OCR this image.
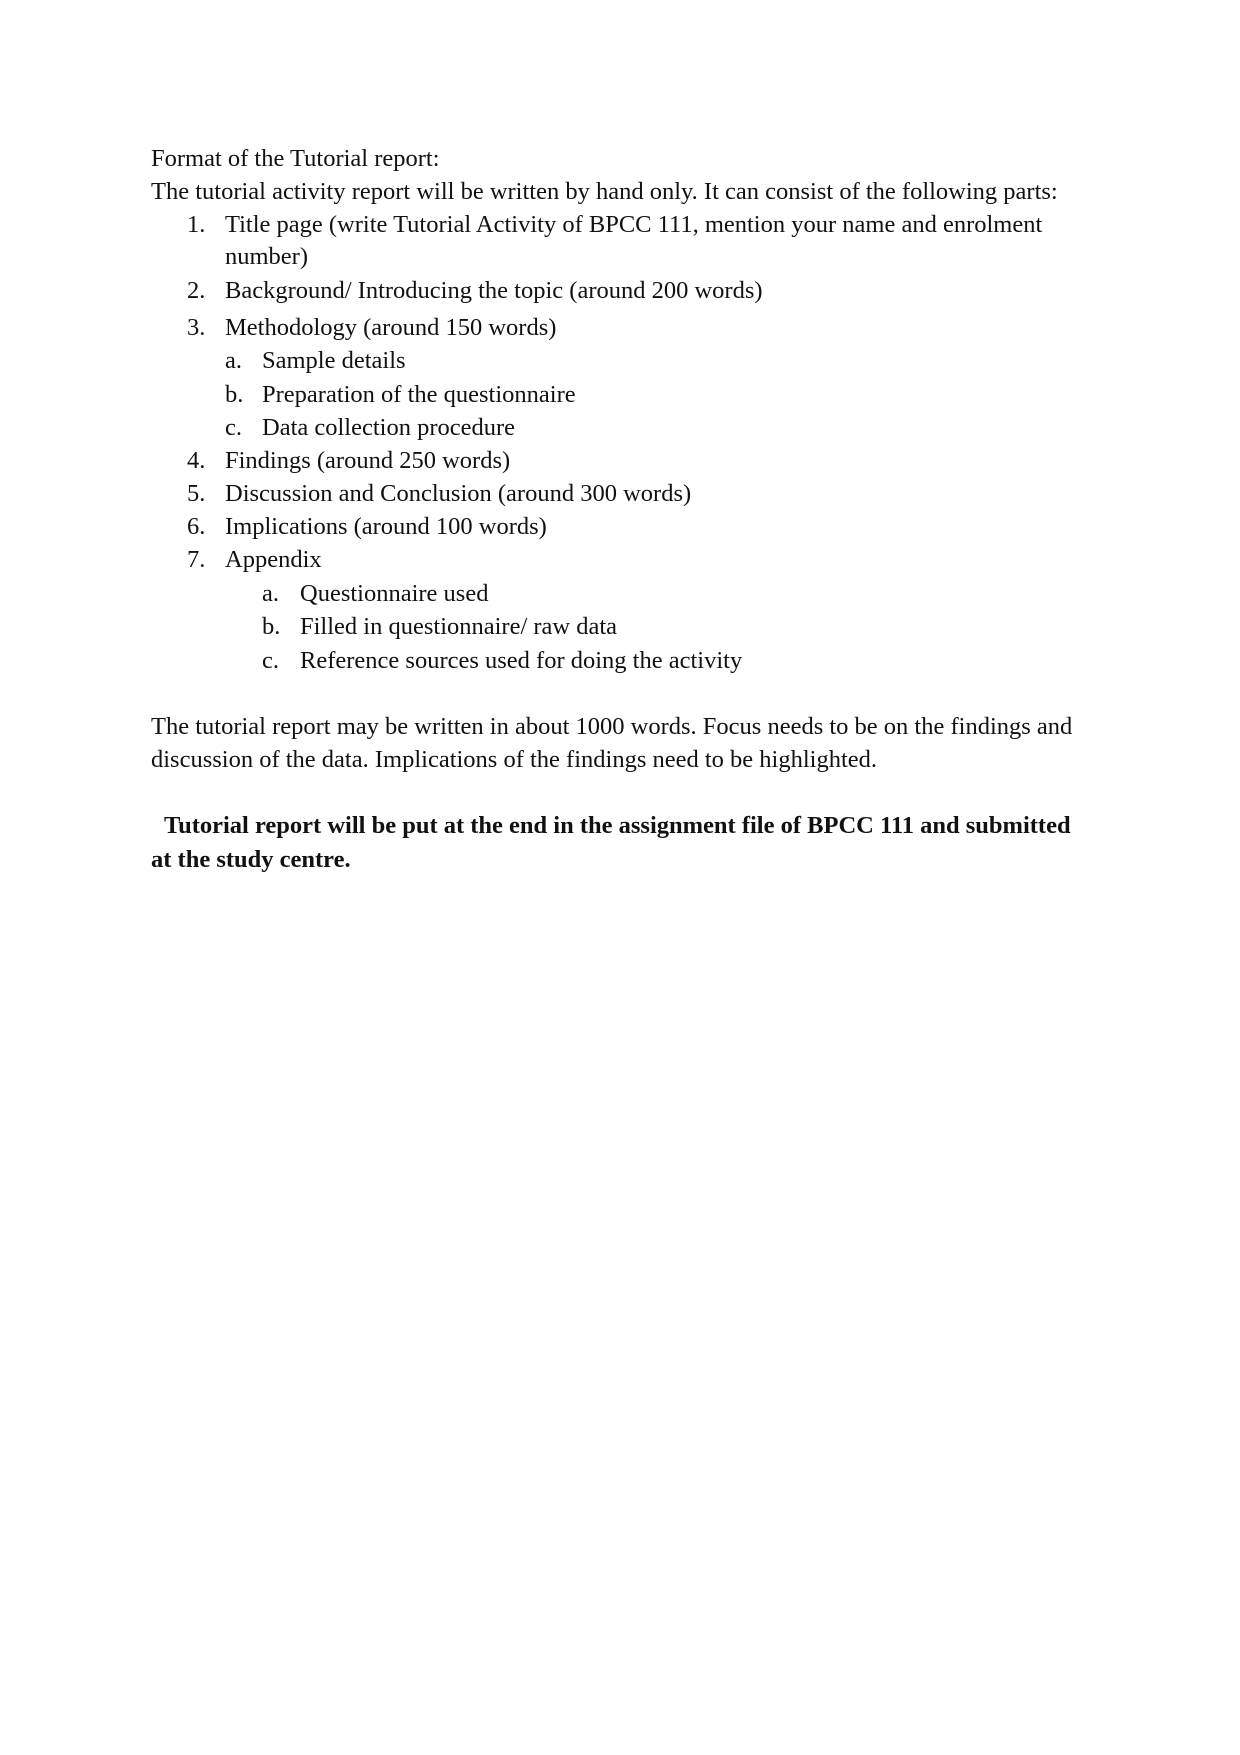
Format of the Tutorial report:
The tutorial activity report will be written by hand only. It can consist of the following parts:
1. Title page (write Tutorial Activity of BPCC 111, mention your name and enrolment
number)
2. Background/ Introducing the topic (around 200 words)
3. Methodology (around 150 words)
a. Sample details
b. Preparation of the questionnaire
c. Data collection procedure
4. Findings (around 250 words)
5. Discussion and Conclusion (around 300 words)
6. Implications (around 100 words)
7. Appendix
a. Questionnaire used
b. Filled in questionnaire/ raw data
c. Reference sources used for doing the activity
The tutorial report may be written in about 1000 words. Focus needs to be on the findings and
discussion of the data. Implications of the findings need to be highlighted.
Tutorial report will be put at the end in the assignment file of BPCC 111 and submitted
at the study centre.
